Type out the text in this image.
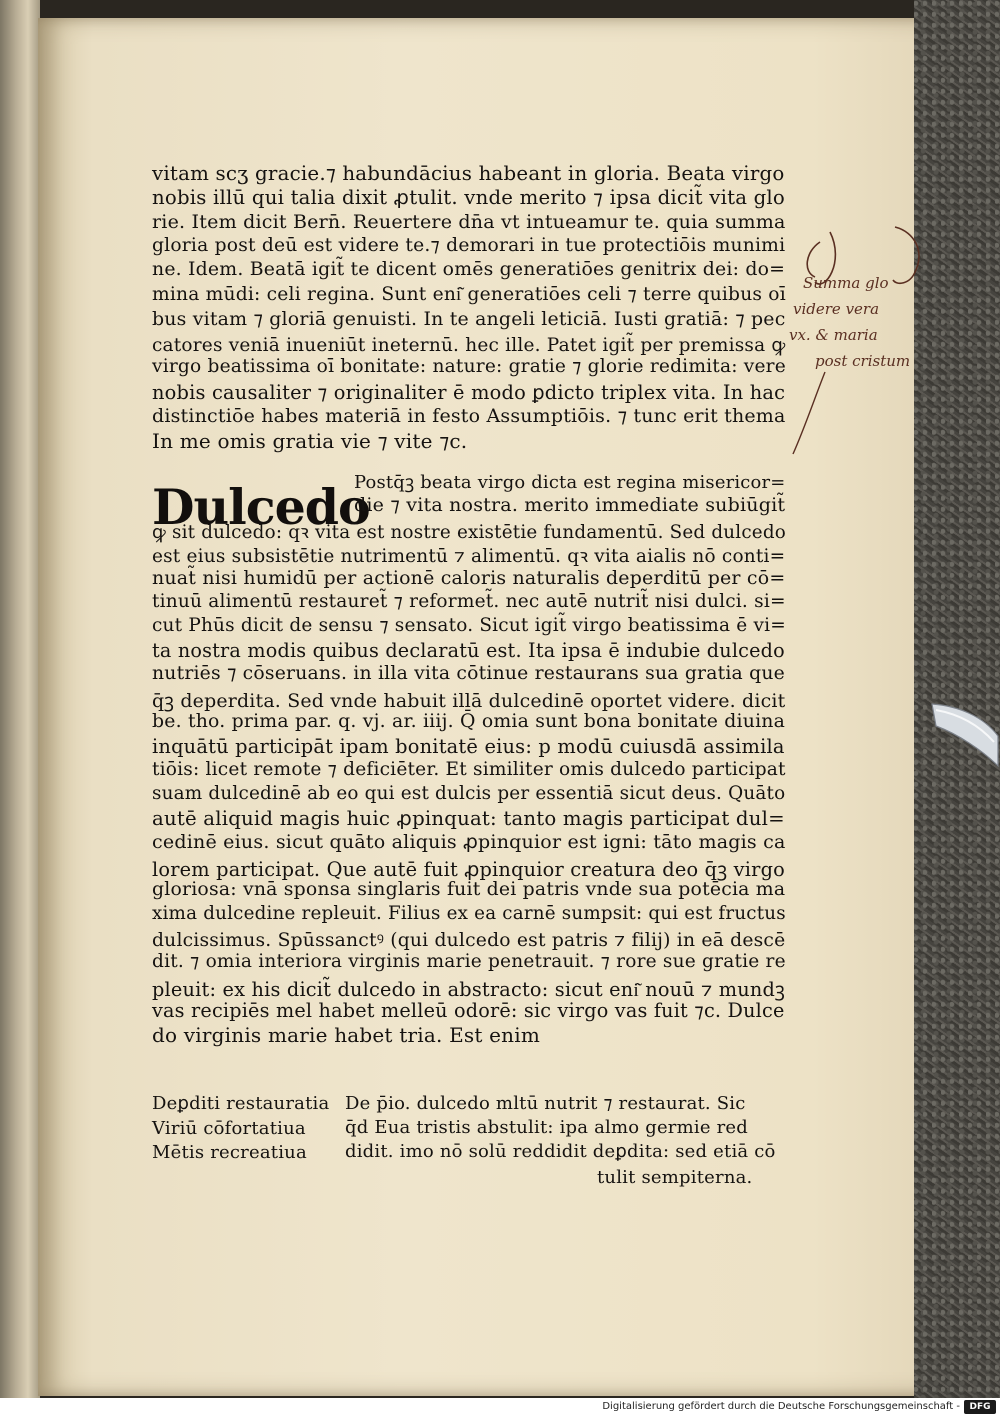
Dulcedo
Summa glo
videre vera
vx. & maria
post cristum
vitam scʒ gracie.⁊ habundācius habeant in gloria. Beata virgo
nobis illū qui talia dixit ꝓtulit. vnde merito ⁊ ipsa dicit̃ vita glo
rie. Item dicit Bern̄. Reuertere dn̄a vt intueamur te. quia summa
gloria post deū est videre te.⁊ demorari in tue protectiōis munimi
ne. Idem. Beatā igit̃ te dicent omēs generatiōes genitrix dei: do=
mina mūdi: celi regina. Sunt eni͂ generatiōes celi ⁊ terre quibus oī
bus vitam ⁊ gloriā genuisti. In te angeli leticiā. Iusti gratiā: ⁊ pec
catores veniā inueniūt ineternū. hec ille. Patet igit̃ per premissa ꝙ
virgo beatissima oī bonitate: nature: gratie ⁊ glorie redimita: vere
nobis causaliter ⁊ originaliter ē modo ꝑdicto triplex vita. In hac
distinctiōe habes materiā in festo Assumptiōis. ⁊ tunc erit thema
In me omis gratia vie ⁊ vite ⁊c.
Postq̄ꝫ beata virgo dicta est regina misericor=
die ⁊ vita nostra. merito immediate subiūgit̃
ꝙ sit dulcedo: qꝛ vita est nostre existētie fundamentū. Sed dulcedo
est eius subsistētie nutrimentū ⁊ alimentū. qꝛ vita aialis nō conti=
nuat̃ nisi humidū per actionē caloris naturalis deperditū per cō=
tinuū alimentū restauret̃ ⁊ reformet̃. nec autē nutrit̃ nisi dulci. si=
cut Phūs dicit de sensu ⁊ sensato. Sicut igit̃ virgo beatissima ē vi=
ta nostra modis quibus declaratū est. Ita ipsa ē indubie dulcedo
nutriēs ⁊ cōseruans. in illa vita cōtinue restaurans sua gratia que
q̄ꝫ deperdita. Sed vnde habuit illā dulcedinē oportet videre. dicit
be. tho. prima par. q. vj. ar. iiij. Q̄ omia sunt bona bonitate diuina
inquātū participāt ipam bonitatē eius: p modū cuiusdā assimila
tiōis: licet remote ⁊ deficiēter. Et similiter omis dulcedo participat
suam dulcedinē ab eo qui est dulcis per essentiā sicut deus. Quāto
autē aliquid magis huic ꝓpinquat: tanto magis participat dul=
cedinē eius. sicut quāto aliquis ꝓpinquior est igni: tāto magis ca
lorem participat. Que autē fuit ꝓpinquior creatura deo q̄ꝫ virgo
gloriosa: vnā sponsa singlaris fuit dei patris vnde sua potēcia ma
xima dulcedine repleuit. Filius ex ea carnē sumpsit: qui est fructus
dulcissimus. Spūssanctꝰ (qui dulcedo est patris ⁊ filij) in eā descē
dit. ⁊ omia interiora virginis marie penetrauit. ⁊ rore sue gratie re
pleuit: ex his dicit̃ dulcedo in abstracto: sicut eni͂ nouū ⁊ mundꝫ
vas recipiēs mel habet melleū odorē: sic virgo vas fuit ⁊c. Dulce
do virginis marie habet tria. Est enim
Deꝑditi restauratia
Viriū cōfortatiua
Mētis recreatiua
De p̄io. dulcedo mltū nutrit ⁊ restaurat. Sic
q̄d Eua tristis abstulit: ipa almo germie red
didit. imo nō solū reddidit deꝑdita: sed etiā cō
tulit sempiterna.
Digitalisierung gefördert durch die Deutsche Forschungsgemeinschaft -	DFG
